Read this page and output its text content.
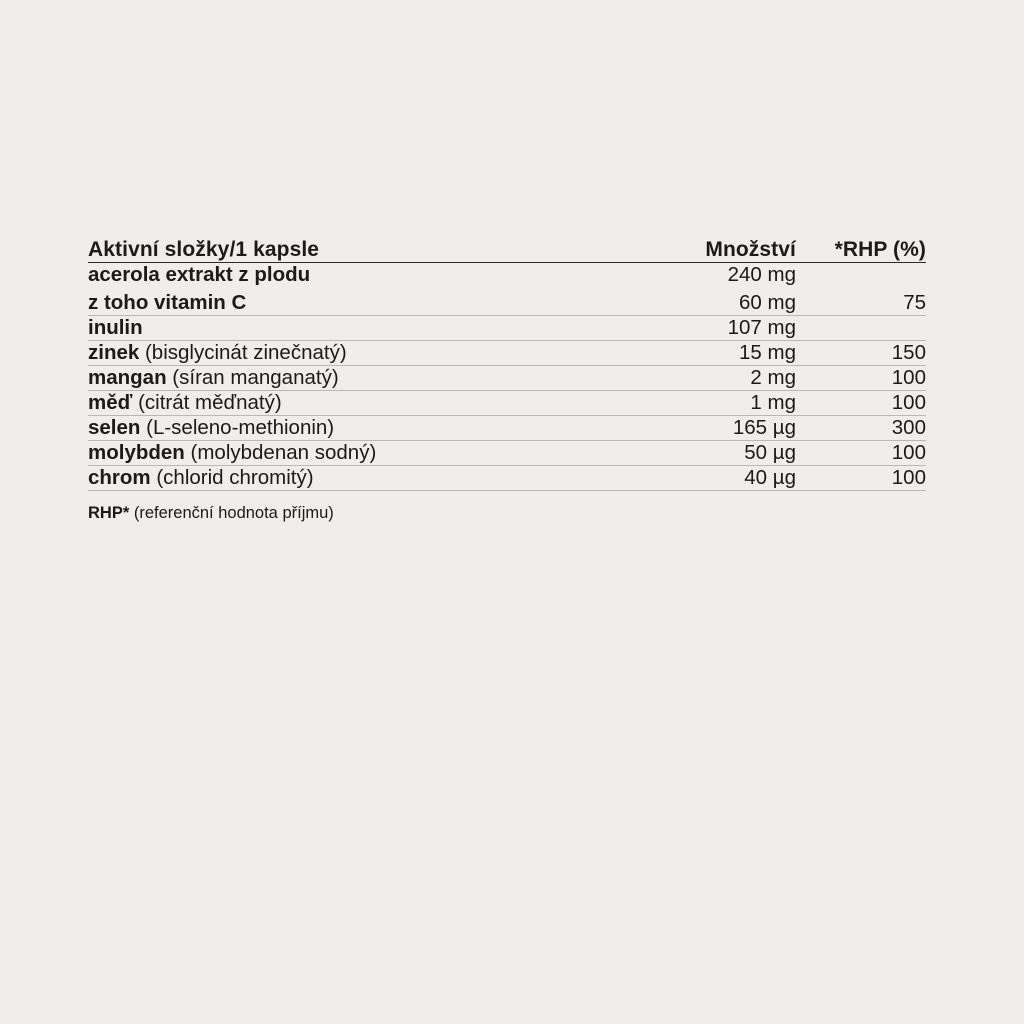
Aktivní složky/1 kapsle	Množství	*RHP (%)
acerola extrakt z plodu	240 mg	
z toho vitamin C	60 mg	75
inulin	107 mg	
zinek (bisglycinát zinečnatý)	15 mg	150
mangan (síran manganatý)	2 mg	100
měď (citrát měďnatý)	1 mg	100
selen (L-seleno-methionin)	165 µg	300
molybden (molybdenan sodný)	50 µg	100
chrom (chlorid chromitý)	40 µg	100
RHP* (referenční hodnota příjmu)
